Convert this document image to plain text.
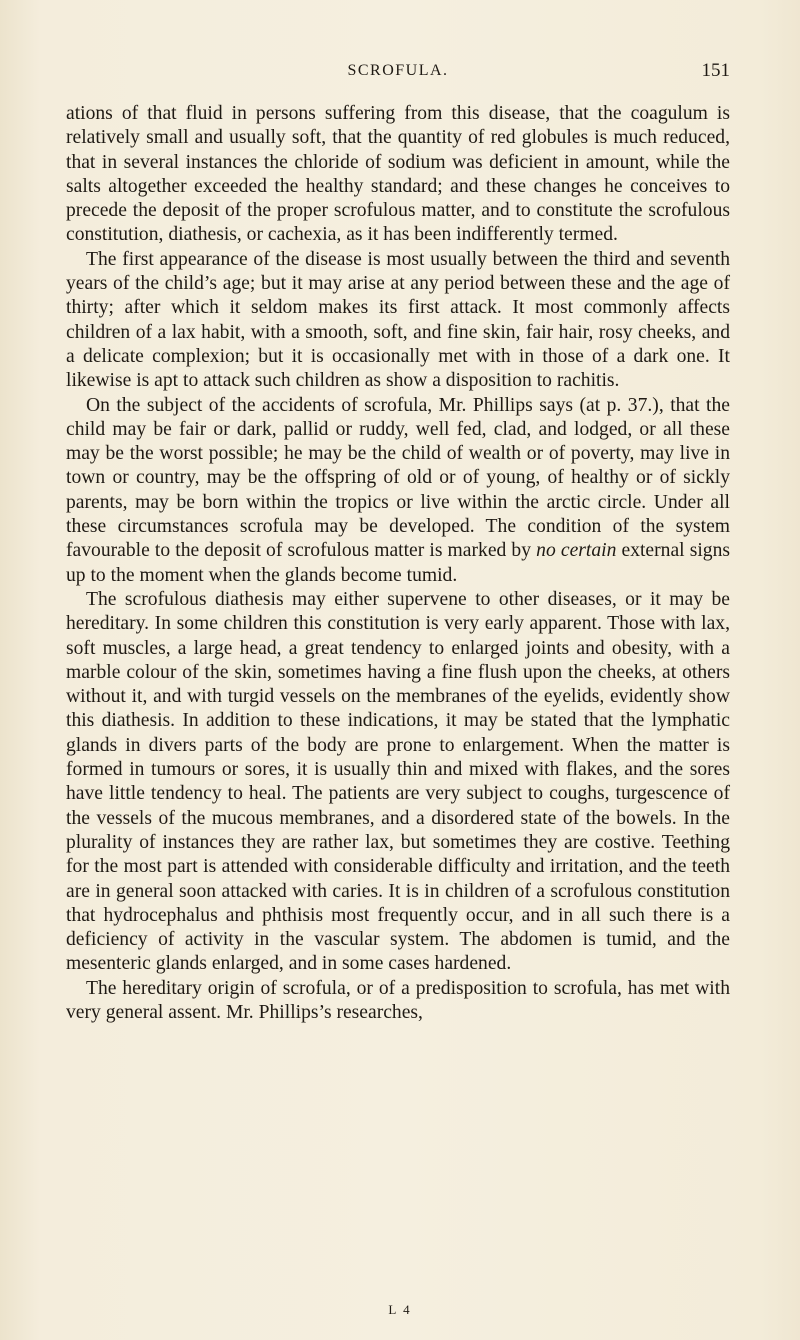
SCROFULA.	151

ations of that fluid in persons suffering from this disease, that the coagulum is relatively small and usually soft, that the quantity of red globules is much reduced, that in several instances the chloride of sodium was deficient in amount, while the salts altogether exceeded the healthy standard; and these changes he conceives to precede the deposit of the proper scrofulous matter, and to constitute the scrofulous constitution, diathesis, or cachexia, as it has been indifferently termed.

The first appearance of the disease is most usually between the third and seventh years of the child’s age; but it may arise at any period between these and the age of thirty; after which it seldom makes its first attack. It most commonly affects children of a lax habit, with a smooth, soft, and fine skin, fair hair, rosy cheeks, and a delicate complexion; but it is occasionally met with in those of a dark one. It likewise is apt to attack such children as show a disposition to rachitis.

On the subject of the accidents of scrofula, Mr. Phillips says (at p. 37.), that the child may be fair or dark, pallid or ruddy, well fed, clad, and lodged, or all these may be the worst possible; he may be the child of wealth or of poverty, may live in town or country, may be the offspring of old or of young, of healthy or of sickly parents, may be born within the tropics or live within the arctic circle. Under all these circumstances scrofula may be developed. The condition of the system favourable to the deposit of scrofulous matter is marked by no certain external signs up to the moment when the glands become tumid.

The scrofulous diathesis may either supervene to other diseases, or it may be hereditary. In some children this constitution is very early apparent. Those with lax, soft muscles, a large head, a great tendency to enlarged joints and obesity, with a marble colour of the skin, sometimes having a fine flush upon the cheeks, at others without it, and with turgid vessels on the membranes of the eyelids, evidently show this diathesis. In addition to these indications, it may be stated that the lymphatic glands in divers parts of the body are prone to enlargement. When the matter is formed in tumours or sores, it is usually thin and mixed with flakes, and the sores have little tendency to heal. The patients are very subject to coughs, turgescence of the vessels of the mucous membranes, and a disordered state of the bowels. In the plurality of instances they are rather lax, but sometimes they are costive. Teething for the most part is attended with considerable difficulty and irritation, and the teeth are in general soon attacked with caries. It is in children of a scrofulous constitution that hydrocephalus and phthisis most frequently occur, and in all such there is a deficiency of activity in the vascular system. The abdomen is tumid, and the mesenteric glands enlarged, and in some cases hardened.

The hereditary origin of scrofula, or of a predisposition to scrofula, has met with very general assent. Mr. Phillips’s researches,

L 4
